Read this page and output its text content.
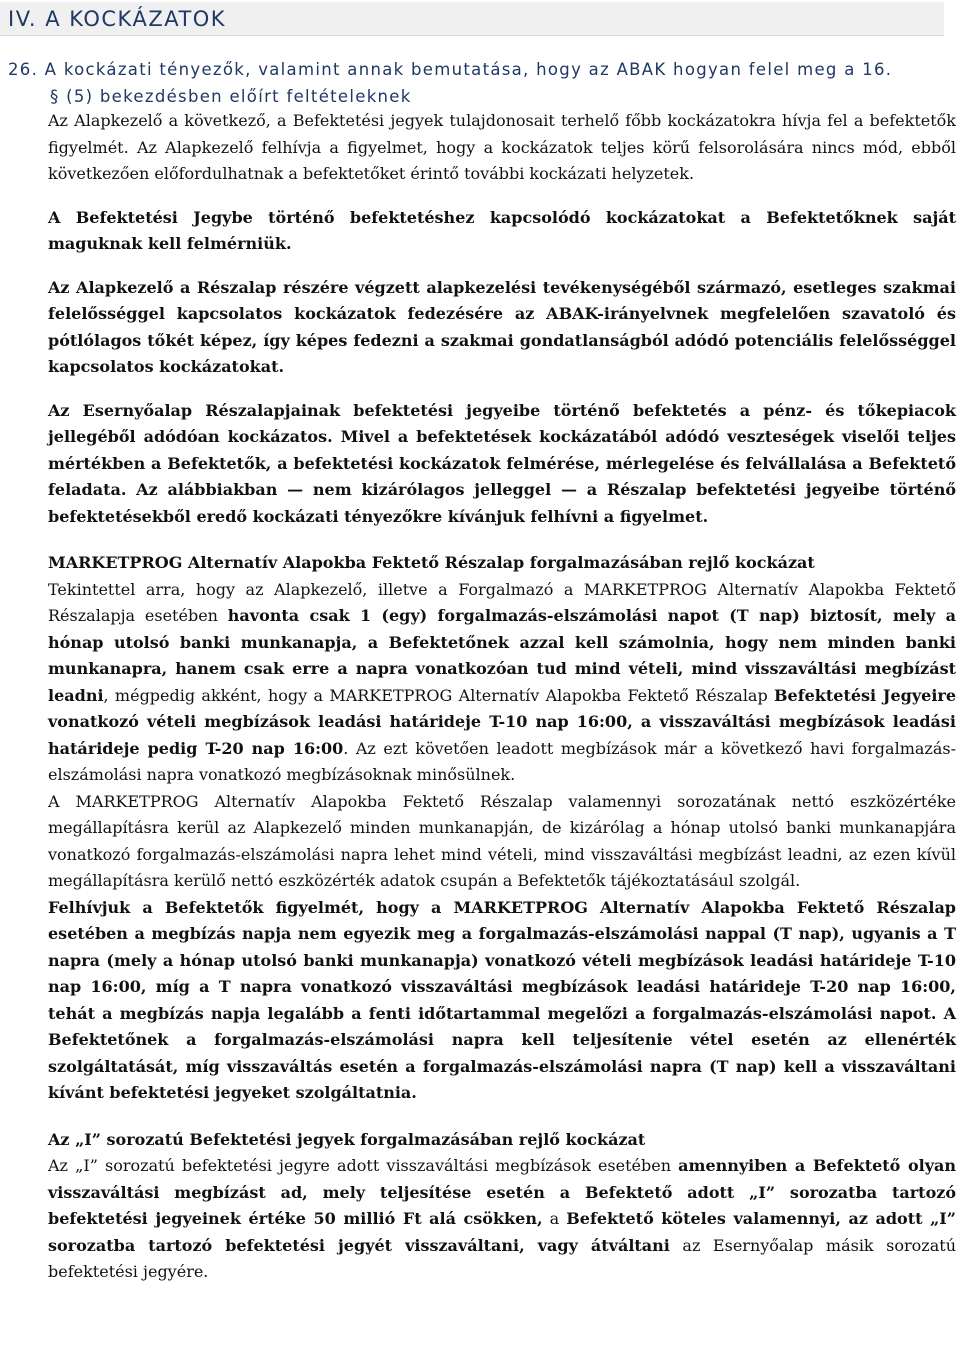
IV. A KOCKÁZATOK
26. A kockázati tényezők, valamint annak bemutatása, hogy az ABAK hogyan felel meg a 16.
§ (5) bekezdésben előírt feltételeknek

Az Alapkezelő a következő, a Befektetési jegyek tulajdonosait terhelő főbb kockázatokra hívja fel a befektetők figyelmét. Az Alapkezelő felhívja a figyelmet, hogy a kockázatok teljes körű felsorolására nincs mód, ebből következően előfordulhatnak a befektetőket érintő további kockázati helyzetek.

A Befektetési Jegybe történő befektetéshez kapcsolódó kockázatokat a Befektetőknek saját maguknak kell felmérniük.

Az Alapkezelő a Részalap részére végzett alapkezelési tevékenységéből származó, esetleges szakmai felelősséggel kapcsolatos kockázatok fedezésére az ABAK-irányelvnek megfelelően szavatoló és pótlólagos tőkét képez, így képes fedezni a szakmai gondatlanságból adódó potenciális felelősséggel kapcsolatos kockázatokat.

Az Esernyőalap Részalapjainak befektetési jegyeibe történő befektetés a pénz- és tőkepiacok jellegéből adódóan kockázatos. Mivel a befektetések kockázatából adódó veszteségek viselői teljes mértékben a Befektetők, a befektetési kockázatok felmérése, mérlegelése és felvállalása a Befektető feladata. Az alábbiakban — nem kizárólagos jelleggel — a Részalap befektetési jegyeibe történő befektetésekből eredő kockázati tényezőkre kívánjuk felhívni a figyelmet.

MARKETPROG Alternatív Alapokba Fektető Részalap forgalmazásában rejlő kockázat

Tekintettel arra, hogy az Alapkezelő, illetve a Forgalmazó a MARKETPROG Alternatív Alapokba Fektető Részalapja esetében havonta csak 1 (egy) forgalmazás-elszámolási napot (T nap) biztosít, mely a hónap utolsó banki munkanapja, a Befektetőnek azzal kell számolnia, hogy nem minden banki munkanapra, hanem csak erre a napra vonatkozóan tud mind vételi, mind visszaváltási megbízást leadni, mégpedig akként, hogy a MARKETPROG Alternatív Alapokba Fektető Részalap Befektetési Jegyeire vonatkozó vételi megbízások leadási határideje T-10 nap 16:00, a visszaváltási megbízások leadási határideje pedig T-20 nap 16:00. Az ezt követően leadott megbízások már a következő havi forgalmazás-elszámolási napra vonatkozó megbízásoknak minősülnek.

A MARKETPROG Alternatív Alapokba Fektető Részalap valamennyi sorozatának nettó eszközértéke megállapításra kerül az Alapkezelő minden munkanapján, de kizárólag a hónap utolsó banki munkanapjára vonatkozó forgalmazás-elszámolási napra lehet mind vételi, mind visszaváltási megbízást leadni, az ezen kívül megállapításra kerülő nettó eszközérték adatok csupán a Befektetők tájékoztatásául szolgál.

Felhívjuk a Befektetők figyelmét, hogy a MARKETPROG Alternatív Alapokba Fektető Részalap esetében a megbízás napja nem egyezik meg a forgalmazás-elszámolási nappal (T nap), ugyanis a T napra (mely a hónap utolsó banki munkanapja) vonatkozó vételi megbízások leadási határideje T-10 nap 16:00, míg a T napra vonatkozó visszaváltási megbízások leadási határideje T-20 nap 16:00, tehát a megbízás napja legalább a fenti időtartammal megelőzi a forgalmazás-elszámolási napot. A Befektetőnek a forgalmazás-elszámolási napra kell teljesítenie vétel esetén az ellenérték szolgáltatását, míg visszaváltás esetén a forgalmazás-elszámolási napra (T nap) kell a visszaváltani kívánt befektetési jegyeket szolgáltatnia.

Az „I” sorozatú Befektetési jegyek forgalmazásában rejlő kockázat

Az „I” sorozatú befektetési jegyre adott visszaváltási megbízások esetében amennyiben a Befektető olyan visszaváltási megbízást ad, mely teljesítése esetén a Befektető adott „I” sorozatba tartozó befektetési jegyeinek értéke 50 millió Ft alá csökken, a Befektető köteles valamennyi, az adott „I” sorozatba tartozó befektetési jegyét visszaváltani, vagy átváltani az Esernyőalap másik sorozatú befektetési jegyére.
